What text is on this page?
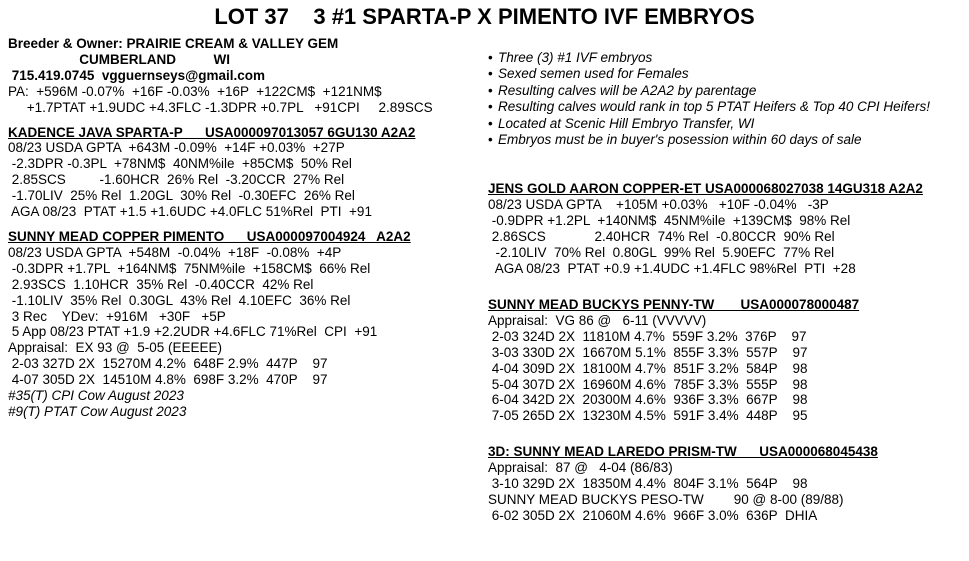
LOT 37    3 #1 SPARTA-P X PIMENTO IVF EMBRYOS
Breeder & Owner: PRAIRIE CREAM & VALLEY GEM
CUMBERLAND          WI
715.419.0745  vgguernseys@gmail.com
PA:  +596M -0.07%  +16F -0.03%  +16P  +122CM$  +121NM$
+1.7PTAT +1.9UDC +4.3FLC -1.3DPR +0.7PL   +91CPI     2.89SCS
KADENCE JAVA SPARTA-P      USA000097013057 6GU130 A2A2
08/23 USDA GPTA  +643M -0.09%  +14F +0.03%  +27P
-2.3DPR -0.3PL  +78NM$  40NM%ile  +85CM$  50% Rel
2.85SCS         -1.60HCR  26% Rel  -3.20CCR  27% Rel
-1.70LIV  25% Rel  1.20GL  30% Rel  -0.30EFC  26% Rel
AGA 08/23  PTAT +1.5 +1.6UDC +4.0FLC 51%Rel  PTI  +91
SUNNY MEAD COPPER PIMENTO      USA000097004924   A2A2
08/23 USDA GPTA  +548M  -0.04%  +18F  -0.08%  +4P
-0.3DPR +1.7PL  +164NM$  75NM%ile  +158CM$  66% Rel
2.93SCS  1.10HCR  35% Rel  -0.40CCR  42% Rel
-1.10LIV  35% Rel  0.30GL  43% Rel  4.10EFC  36% Rel
3 Rec    YDev:  +916M   +30F   +5P
5 App 08/23 PTAT +1.9 +2.2UDR +4.6FLC 71%Rel  CPI  +91
Appraisal:  EX 93 @  5-05 (EEEEE)
2-03 327D 2X  15270M 4.2%  648F 2.9%  447P    97
4-07 305D 2X  14510M 4.8%  698F 3.2%  470P    97
#35(T) CPI Cow August 2023
#9(T) PTAT Cow August 2023
• Three (3) #1 IVF embryos
• Sexed semen used for Females
• Resulting calves will be A2A2 by parentage
• Resulting calves would rank in top 5 PTAT Heifers & Top 40 CPI Heifers!
• Located at Scenic Hill Embryo Transfer, WI
• Embryos must be in buyer's posession within 60 days of sale
JENS GOLD AARON COPPER-ET USA000068027038 14GU318 A2A2
08/23 USDA GPTA    +105M +0.03%   +10F -0.04%   -3P
-0.9DPR +1.2PL  +140NM$  45NM%ile  +139CM$  98% Rel
2.86SCS             2.40HCR  74% Rel  -0.80CCR  90% Rel
-2.10LIV  70% Rel  0.80GL  99% Rel  5.90EFC  77% Rel
AGA 08/23  PTAT +0.9 +1.4UDC +1.4FLC 98%Rel  PTI  +28
SUNNY MEAD BUCKYS PENNY-TW       USA000078000487
Appraisal:  VG 86 @   6-11 (VVVVV)
2-03 324D 2X  11810M 4.7%  559F 3.2%  376P    97
3-03 330D 2X  16670M 5.1%  855F 3.3%  557P    97
4-04 309D 2X  18100M 4.7%  851F 3.2%  584P    98
5-04 307D 2X  16960M 4.6%  785F 3.3%  555P    98
6-04 342D 2X  20300M 4.6%  936F 3.3%  667P    98
7-05 265D 2X  13230M 4.5%  591F 3.4%  448P    95
3D: SUNNY MEAD LAREDO PRISM-TW      USA000068045438
Appraisal:  87 @   4-04 (86/83)
3-10 329D 2X  18350M 4.4%  804F 3.1%  564P    98
SUNNY MEAD BUCKYS PESO-TW        90 @ 8-00 (89/88)
6-02 305D 2X  21060M 4.6%  966F 3.0%  636P  DHIA
